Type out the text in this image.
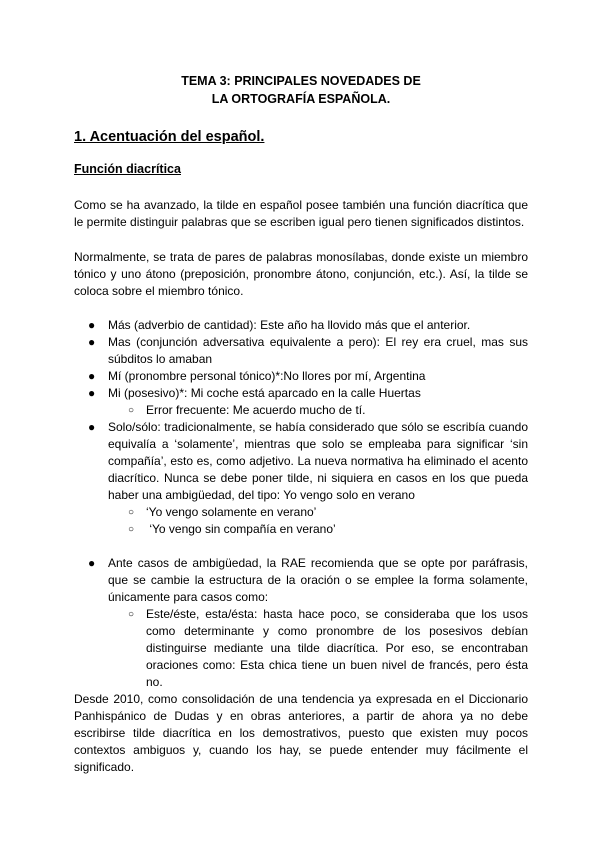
TEMA 3: PRINCIPALES NOVEDADES DE
LA ORTOGRAFÍA ESPAÑOLA.
1. Acentuación del español.
Función diacrítica

Como se ha avanzado, la tilde en español posee también una función diacrítica que le permite distinguir palabras que se escriben igual pero tienen significados distintos.

Normalmente, se trata de pares de palabras monosílabas, donde existe un miembro tónico y uno átono (preposición, pronombre átono, conjunción, etc.). Así, la tilde se coloca sobre el miembro tónico.

● Más (adverbio de cantidad): Este año ha llovido más que el anterior.
● Mas (conjunción adversativa equivalente a pero): El rey era cruel, mas sus súbditos lo amaban
● Mí (pronombre personal tónico)*:No llores por mí, Argentina
● Mi (posesivo)*: Mi coche está aparcado en la calle Huertas
○ Error frecuente: Me acuerdo mucho de tí.
● Solo/sólo: tradicionalmente, se había considerado que sólo se escribía cuando equivalía a ‘solamente’, mientras que solo se empleaba para significar ‘sin compañía’, esto es, como adjetivo. La nueva normativa ha eliminado el acento diacrítico. Nunca se debe poner tilde, ni siquiera en casos en los que pueda haber una ambigüedad, del tipo: Yo vengo solo en verano
○ ‘Yo vengo solamente en verano’
○ ‘Yo vengo sin compañía en verano’
● Ante casos de ambigüedad, la RAE recomienda que se opte por paráfrasis, que se cambie la estructura de la oración o se emplee la forma solamente, únicamente para casos como:
○ Este/éste, esta/ésta: hasta hace poco, se consideraba que los usos como determinante y como pronombre de los posesivos debían distinguirse mediante una tilde diacrítica. Por eso, se encontraban oraciones como: Esta chica tiene un buen nivel de francés, pero ésta no.

Desde 2010, como consolidación de una tendencia ya expresada en el Diccionario Panhispánico de Dudas y en obras anteriores, a partir de ahora ya no debe escribirse tilde diacrítica en los demostrativos, puesto que existen muy pocos contextos ambiguos y, cuando los hay, se puede entender muy fácilmente el significado.
